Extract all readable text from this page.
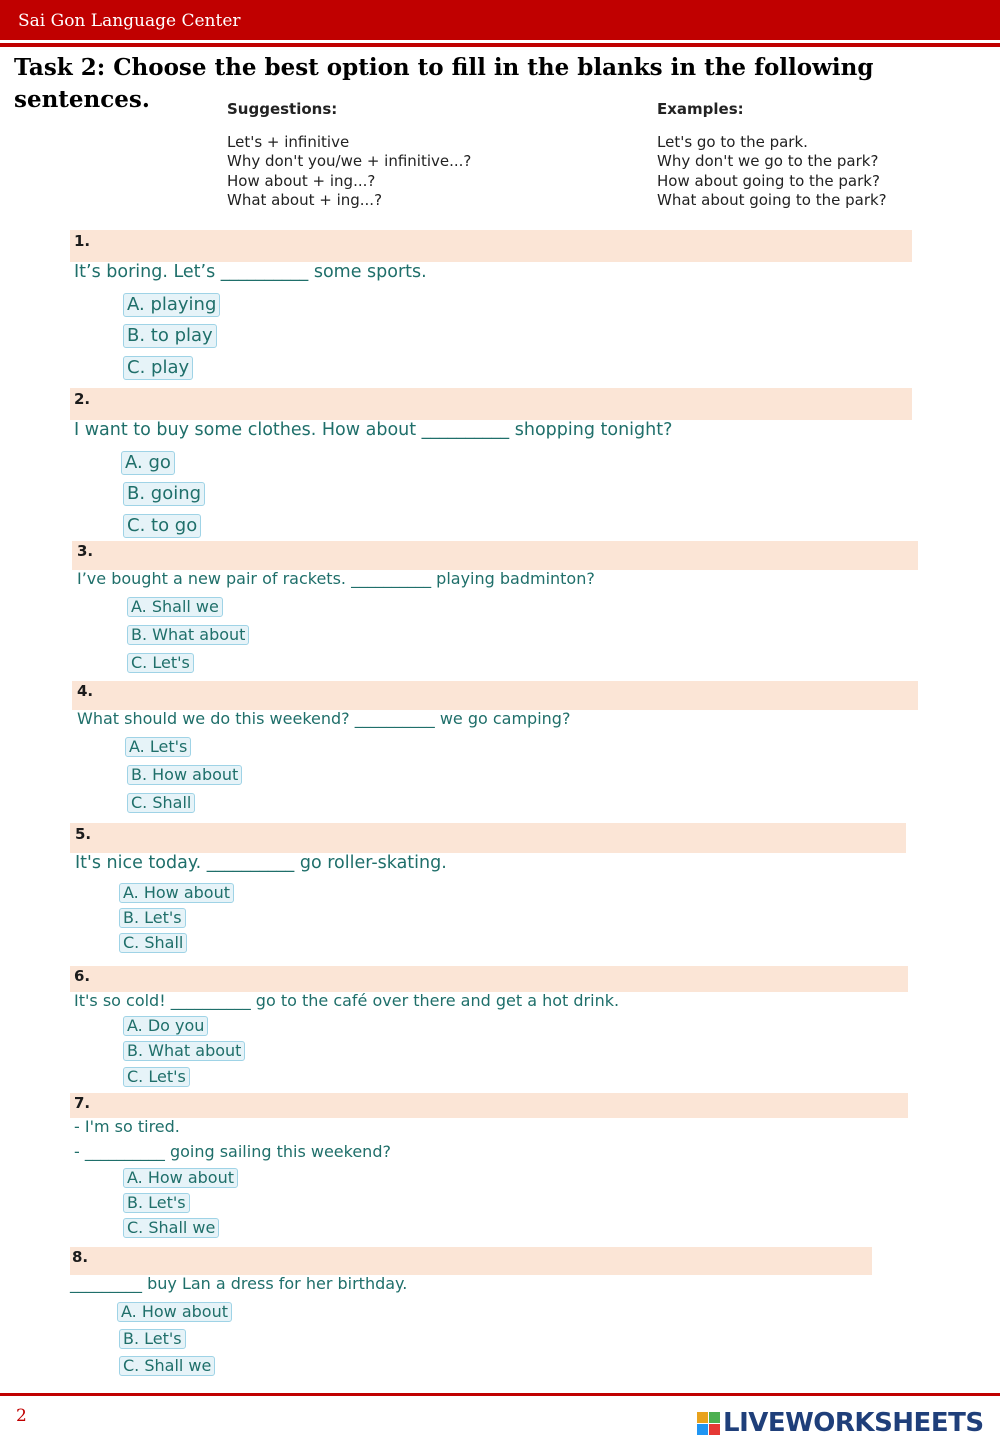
Sai Gon Language Center
Task 2: Choose the best option to fill in the blanks in the following sentences.	Suggestions:
Let's + infinitive
Why don't you/we + infinitive...?
How about + ing...?
What about + ing...?
Examples:
Let's go to the park.
Why don't we go to the park?
How about going to the park?
What about going to the park?
1.
It’s boring. Let’s __________ some sports.
A. playing
B. to play
C. play
2.
I want to buy some clothes. How about __________ shopping tonight?
A. go
B. going
C. to go
3.
I’ve bought a new pair of rackets. __________ playing badminton?
A. Shall we
B. What about
C. Let's
4.
What should we do this weekend? __________ we go camping?
A. Let's
B. How about
C. Shall
5.
It's nice today. __________ go roller-skating.
A. How about
B. Let's
C. Shall
6.
It's so cold! __________ go to the café over there and get a hot drink.
A. Do you
B. What about
C. Let's
7.
- I'm so tired.
- __________ going sailing this weekend?
A. How about
B. Let's
C. Shall we
8.
_________ buy Lan a dress for her birthday.
A. How about
B. Let's
C. Shall we
2	LIVEWORKSHEETS
